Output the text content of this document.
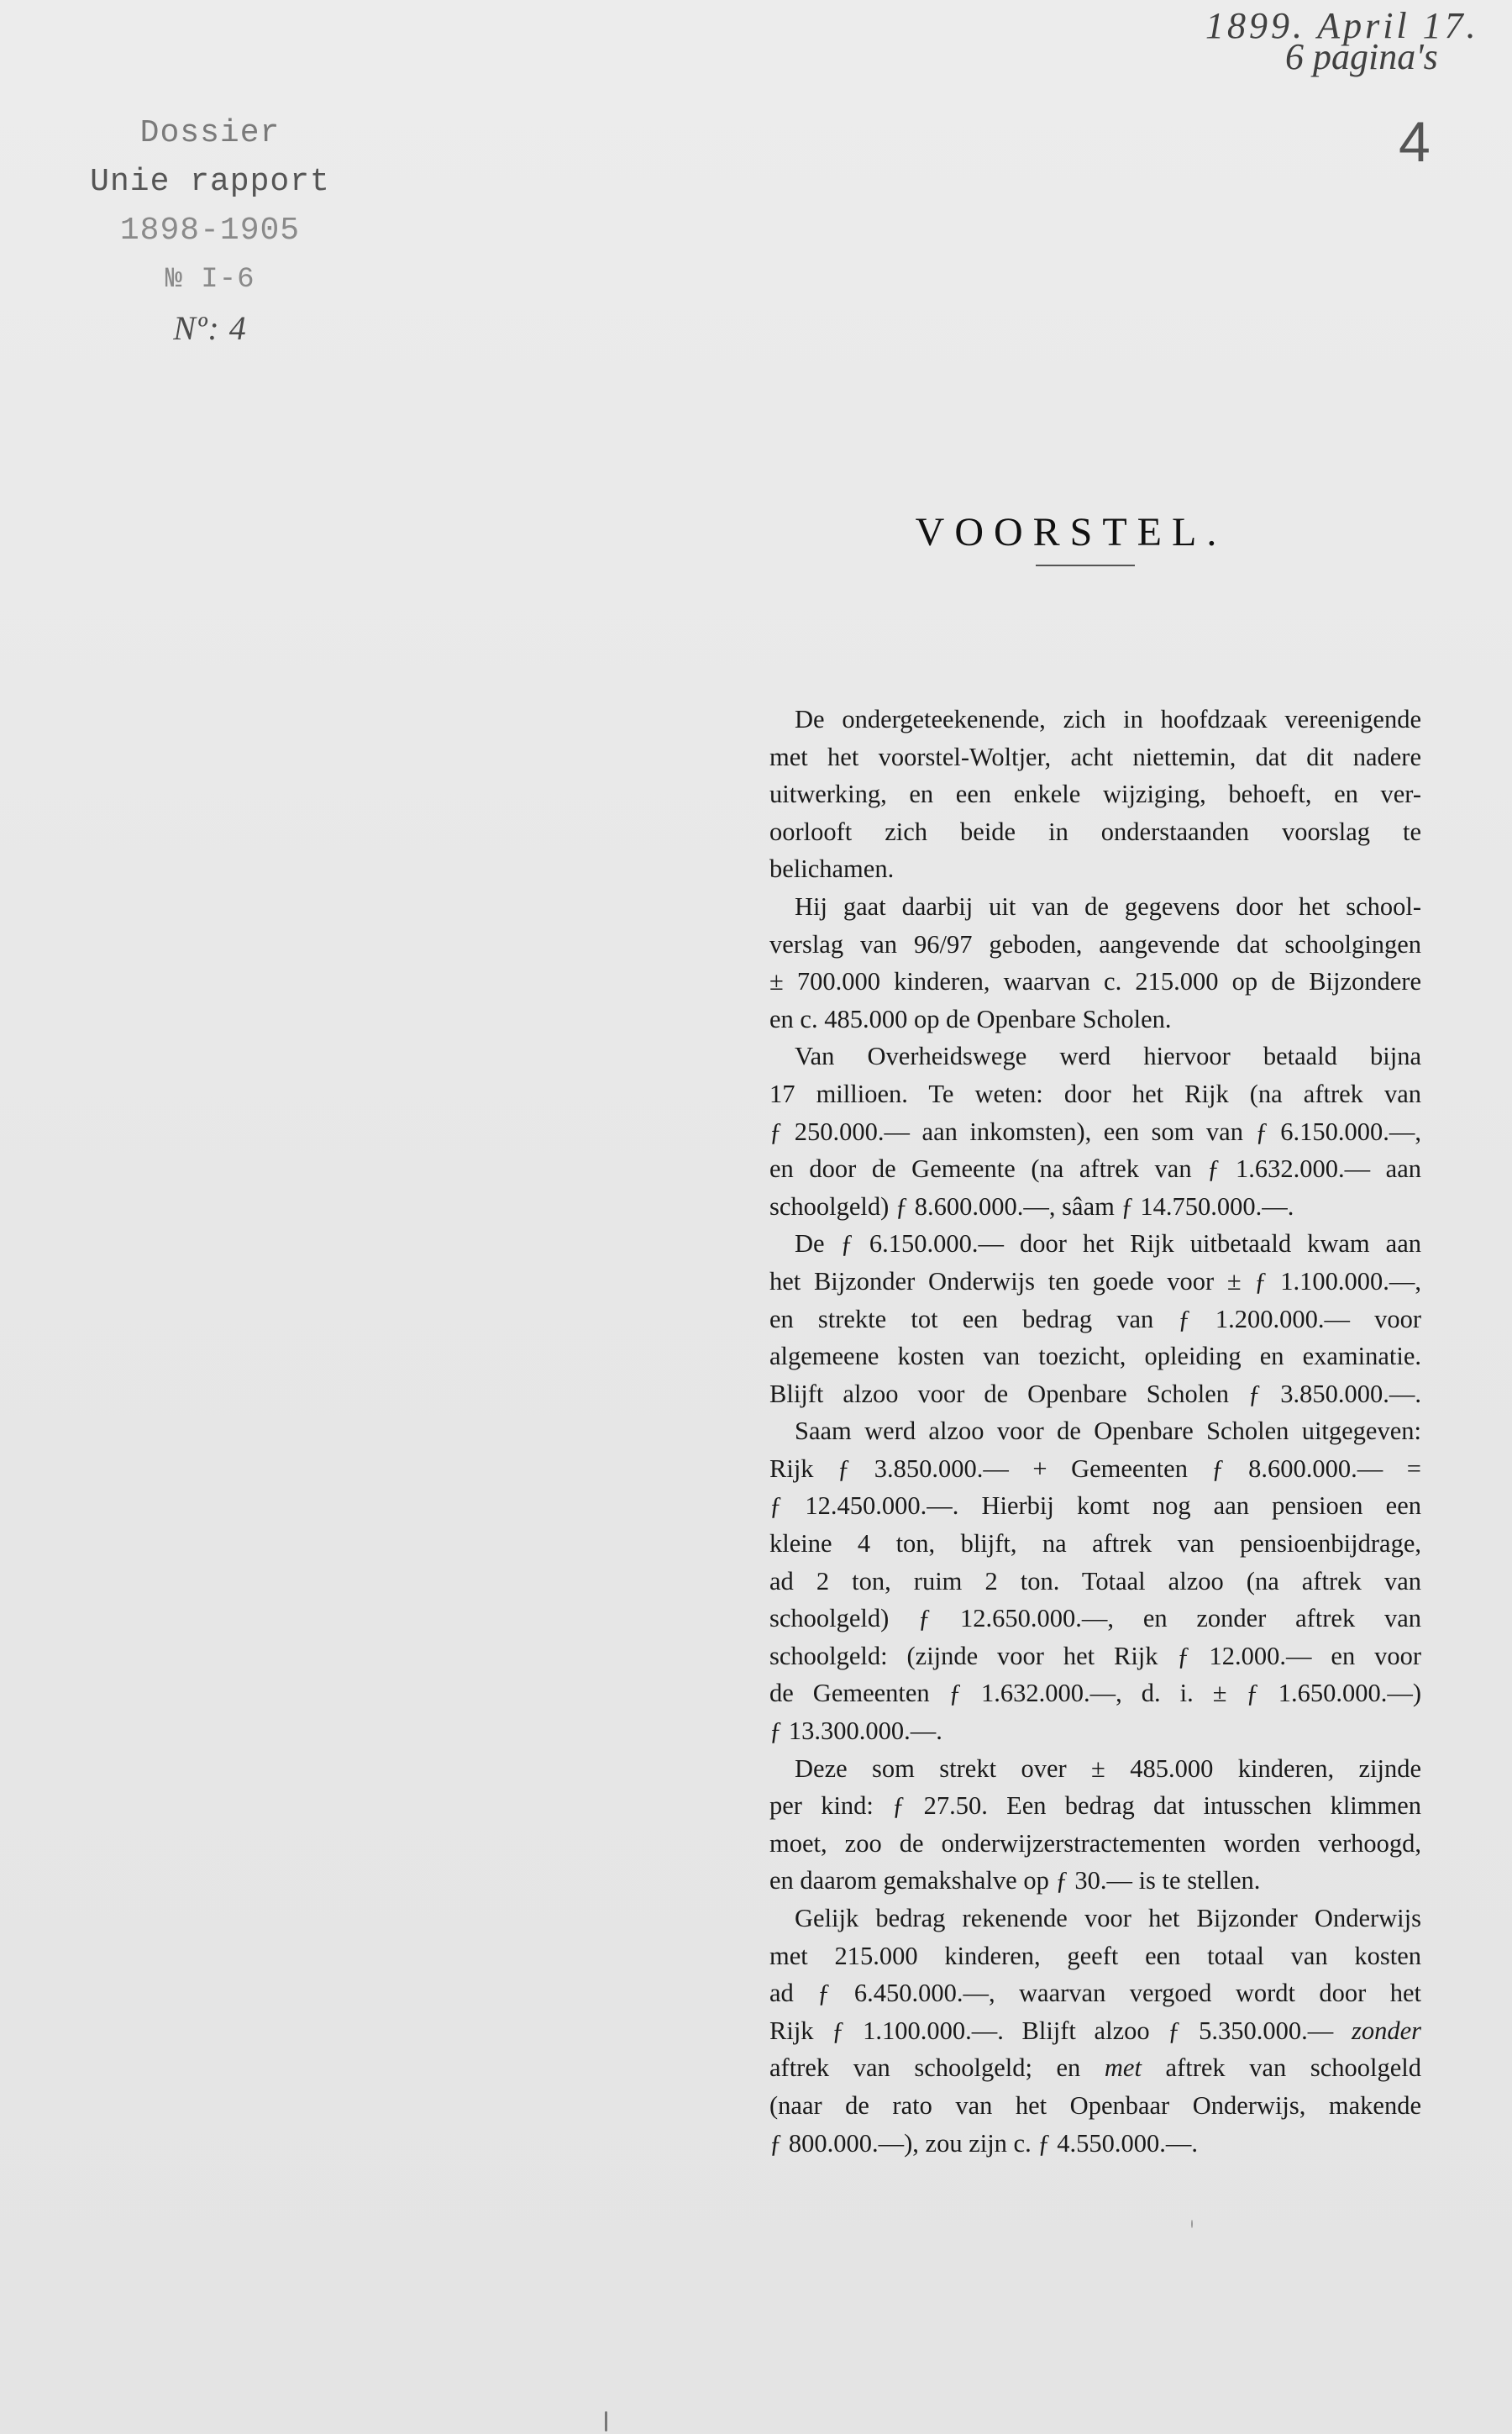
Dossier
Unie rapport
1898-1905
№ I-6
Nº: 4
1899. April 17.
6 pagina's
4
VOORSTEL.
De ondergeteekenende, zich in hoofdzaak vereenigende
met het voorstel-Woltjer, acht niettemin, dat dit nadere
uitwerking, en een enkele wijziging, behoeft, en ver-
oorlooft zich beide in onderstaanden voorslag te
belichamen.
Hij gaat daarbij uit van de gegevens door het school-
verslag van 96/97 geboden, aangevende dat schoolgingen
± 700.000 kinderen, waarvan c. 215.000 op de Bijzondere
en c. 485.000 op de Openbare Scholen.
Van Overheidswege werd hiervoor betaald bijna
17 millioen. Te weten: door het Rijk (na aftrek van
ƒ 250.000.— aan inkomsten), een som van ƒ 6.150.000.—,
en door de Gemeente (na aftrek van ƒ 1.632.000.— aan
schoolgeld) ƒ 8.600.000.—, sâam ƒ 14.750.000.—.
De ƒ 6.150.000.— door het Rijk uitbetaald kwam aan
het Bijzonder Onderwijs ten goede voor ± ƒ 1.100.000.—,
en strekte tot een bedrag van ƒ 1.200.000.— voor
algemeene kosten van toezicht, opleiding en examinatie.
Blijft alzoo voor de Openbare Scholen ƒ 3.850.000.—.
Saam werd alzoo voor de Openbare Scholen uitgegeven:
Rijk ƒ 3.850.000.— + Gemeenten ƒ 8.600.000.— =
ƒ 12.450.000.—. Hierbij komt nog aan pensioen een
kleine 4 ton, blijft, na aftrek van pensioenbijdrage,
ad 2 ton, ruim 2 ton. Totaal alzoo (na aftrek van
schoolgeld) ƒ 12.650.000.—, en zonder aftrek van
schoolgeld: (zijnde voor het Rijk ƒ 12.000.— en voor
de Gemeenten ƒ 1.632.000.—, d. i. ± ƒ 1.650.000.—)
ƒ 13.300.000.—.
Deze som strekt over ± 485.000 kinderen, zijnde
per kind: ƒ 27.50. Een bedrag dat intusschen klimmen
moet, zoo de onderwijzerstractementen worden verhoogd,
en daarom gemakshalve op ƒ 30.— is te stellen.
Gelijk bedrag rekenende voor het Bijzonder Onderwijs
met 215.000 kinderen, geeft een totaal van kosten
ad ƒ 6.450.000.—, waarvan vergoed wordt door het
Rijk ƒ 1.100.000.—. Blijft alzoo ƒ 5.350.000.— zonder
aftrek van schoolgeld; en met aftrek van schoolgeld
(naar de rato van het Openbaar Onderwijs, makende
ƒ 800.000.—), zou zijn c. ƒ 4.550.000.—.
